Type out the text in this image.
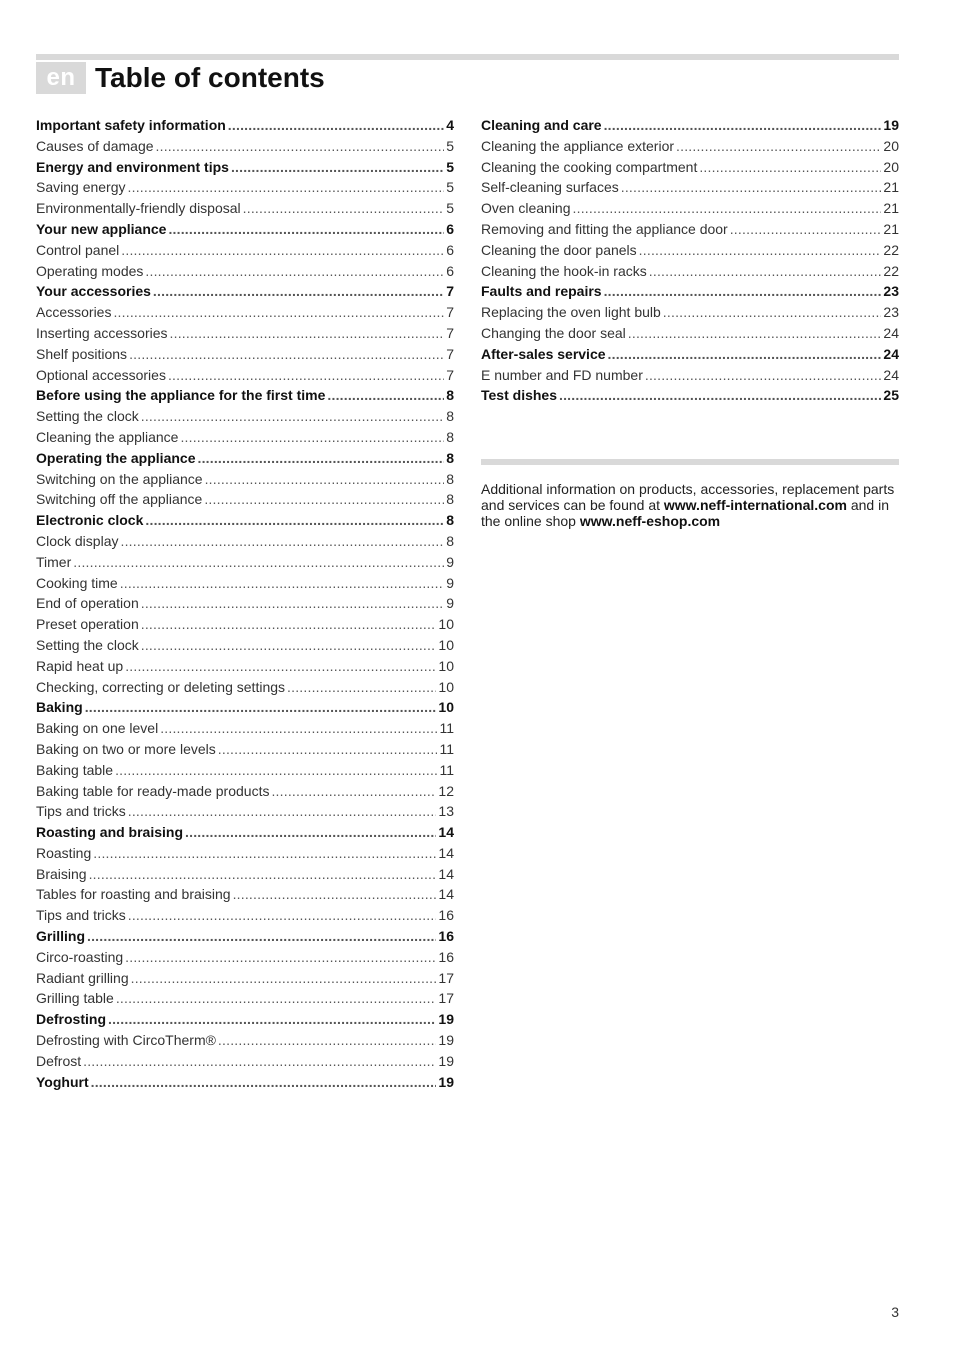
en Table of contents
Important safety information .....	4
Causes of damage .....	5
Energy and environment tips .....	5
Saving energy .....	5
Environmentally-friendly disposal .....	5
Your new appliance .....	6
Control panel .....	6
Operating modes .....	6
Your accessories .....	7
Accessories .....	7
Inserting accessories .....	7
Shelf positions .....	7
Optional accessories .....	7
Before using the appliance for the first time .....	8
Setting the clock .....	8
Cleaning the appliance .....	8
Operating the appliance .....	8
Switching on the appliance .....	8
Switching off the appliance .....	8
Electronic clock .....	8
Clock display .....	8
Timer .....	9
Cooking time .....	9
End of operation .....	9
Preset operation .....	10
Setting the clock .....	10
Rapid heat up .....	10
Checking, correcting or deleting settings .....	10
Baking .....	10
Baking on one level .....	11
Baking on two or more levels .....	11
Baking table .....	11
Baking table for ready-made products .....	12
Tips and tricks .....	13
Roasting and braising .....	14
Roasting .....	14
Braising .....	14
Tables for roasting and braising .....	14
Tips and tricks .....	16
Grilling .....	16
Circo-roasting .....	16
Radiant grilling .....	17
Grilling table .....	17
Defrosting .....	19
Defrosting with CircoTherm® .....	19
Defrost .....	19
Yoghurt .....	19
Cleaning and care .....	19
Cleaning the appliance exterior .....	20
Cleaning the cooking compartment .....	20
Self-cleaning surfaces .....	21
Oven cleaning .....	21
Removing and fitting the appliance door .....	21
Cleaning the door panels .....	22
Cleaning the hook-in racks .....	22
Faults and repairs .....	23
Replacing the oven light bulb .....	23
Changing the door seal .....	24
After-sales service .....	24
E number and FD number .....	24
Test dishes .....	25
Additional information on products, accessories, replacement parts and services can be found at www.neff-international.com and in the online shop www.neff-eshop.com
3
